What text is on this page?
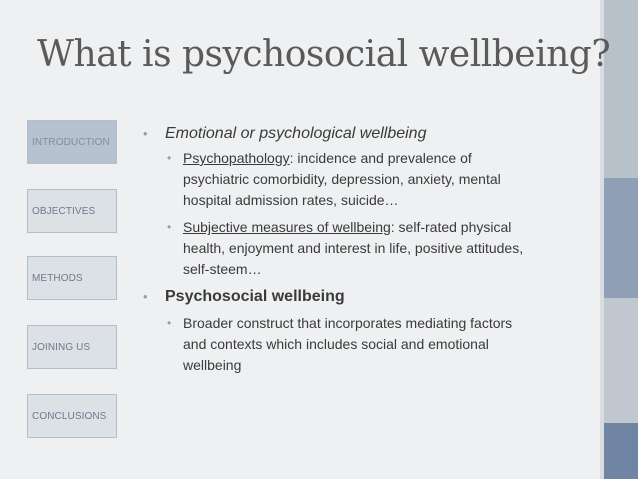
What is psychosocial wellbeing?
INTRODUCTION
OBJECTIVES
METHODS
JOINING US
CONCLUSIONS
• Emotional or psychological wellbeing
• Psychopathology: incidence and prevalence of psychiatric comorbidity, depression, anxiety, mental hospital admission rates, suicide…
• Subjective measures of wellbeing: self-rated physical health, enjoyment and interest in life, positive attitudes, self-steem…
• Psychosocial wellbeing
• Broader construct that incorporates mediating factors and contexts which includes social and emotional wellbeing
